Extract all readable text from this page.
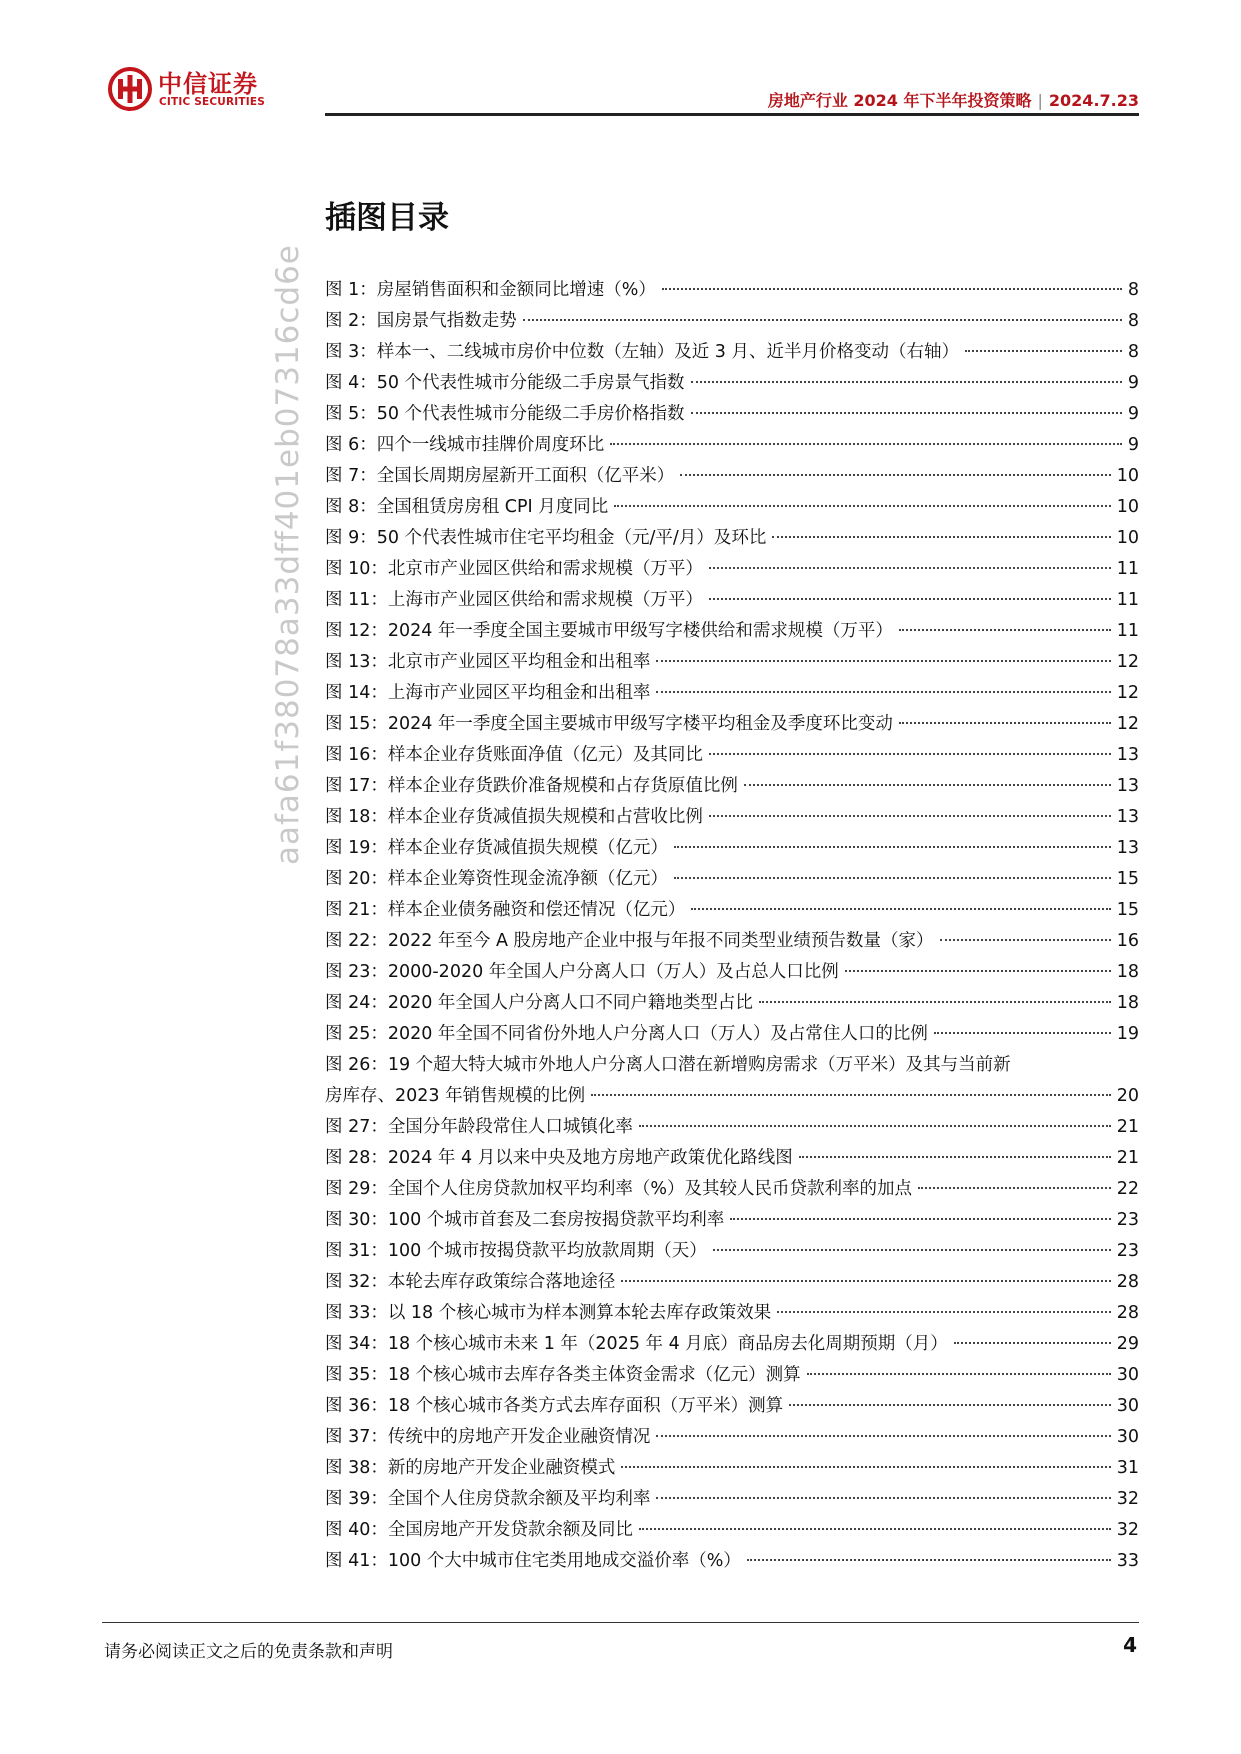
中信证券
CITIC SECURITIES	房地产行业 2024 年下半年投资策略 | 2024.7.23
插图目录
aafa61f38078a33dff401eb07316cd6e 图 1：房屋销售面积和金额同比增速（%）	8
图 2：国房景气指数走势	8
图 3：样本一、二线城市房价中位数（左轴）及近 3 月、近半月价格变动（右轴）	8
图 4：50 个代表性城市分能级二手房景气指数	9
图 5：50 个代表性城市分能级二手房价格指数	9
图 6：四个一线城市挂牌价周度环比	9
图 7：全国长周期房屋新开工面积（亿平米）	10
图 8：全国租赁房房租 CPI 月度同比	10
图 9：50 个代表性城市住宅平均租金（元/平/月）及环比	10
图 10：北京市产业园区供给和需求规模（万平）	11
图 11：上海市产业园区供给和需求规模（万平）	11
图 12：2024 年一季度全国主要城市甲级写字楼供给和需求规模（万平）	11
图 13：北京市产业园区平均租金和出租率	12
图 14：上海市产业园区平均租金和出租率	12
图 15：2024 年一季度全国主要城市甲级写字楼平均租金及季度环比变动	12
图 16：样本企业存货账面净值（亿元）及其同比	13
图 17：样本企业存货跌价准备规模和占存货原值比例	13
图 18：样本企业存货减值损失规模和占营收比例	13
图 19：样本企业存货减值损失规模（亿元）	13
图 20：样本企业筹资性现金流净额（亿元）	15
图 21：样本企业债务融资和偿还情况（亿元）	15
图 22：2022 年至今 A 股房地产企业中报与年报不同类型业绩预告数量（家）	16
图 23：2000-2020 年全国人户分离人口（万人）及占总人口比例	18
图 24：2020 年全国人户分离人口不同户籍地类型占比	18
图 25：2020 年全国不同省份外地人户分离人口（万人）及占常住人口的比例	19
图 26：19 个超大特大城市外地人户分离人口潜在新增购房需求（万平米）及其与当前新
房库存、2023 年销售规模的比例	20
图 27：全国分年龄段常住人口城镇化率	21
图 28：2024 年 4 月以来中央及地方房地产政策优化路线图	21
图 29：全国个人住房贷款加权平均利率（%）及其较人民币贷款利率的加点	22
图 30：100 个城市首套及二套房按揭贷款平均利率	23
图 31：100 个城市按揭贷款平均放款周期（天）	23
图 32：本轮去库存政策综合落地途径	28
图 33：以 18 个核心城市为样本测算本轮去库存政策效果	28
图 34：18 个核心城市未来 1 年（2025 年 4 月底）商品房去化周期预期（月）	29
图 35：18 个核心城市去库存各类主体资金需求（亿元）测算	30
图 36：18 个核心城市各类方式去库存面积（万平米）测算	30
图 37：传统中的房地产开发企业融资情况	30
图 38：新的房地产开发企业融资模式	31
图 39：全国个人住房贷款余额及平均利率	32
图 40：全国房地产开发贷款余额及同比	32
图 41：100 个大中城市住宅类用地成交溢价率（%）	33
请务必阅读正文之后的免责条款和声明	4
